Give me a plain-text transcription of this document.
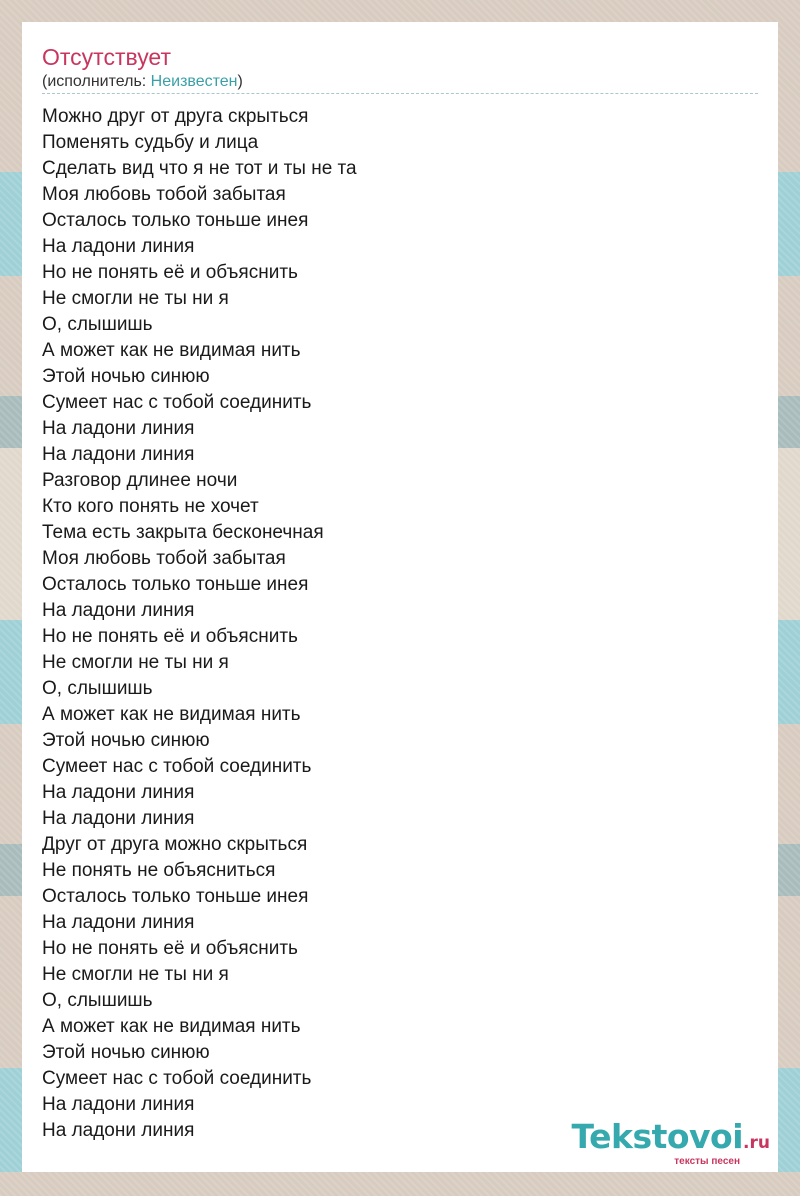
Отсутствует
(исполнитель: Неизвестен)
Можно друг от друга скрыться
Поменять судьбу и лица
Сделать вид что я не тот и ты не та
Моя любовь тобой забытая
Осталось только тоньше инея
На ладони линия
Но не понять её и объяснить
Не смогли не ты ни я
О, слышишь
А может как не видимая нить
Этой ночью синюю
Сумеет нас с тобой соединить
На ладони линия
На ладони линия
Разговор длинее ночи
Кто кого понять не хочет
Тема есть закрыта бесконечная
Моя любовь тобой забытая
Осталось только тоньше инея
На ладони линия
Но не понять её и объяснить
Не смогли не ты ни я
О, слышишь
А может как не видимая нить
Этой ночью синюю
Сумеет нас с тобой соединить
На ладони линия
На ладони линия
Друг от друга можно скрыться
Не понять не объясниться
Осталось только тоньше инея
На ладони линия
Но не понять её и объяснить
Не смогли не ты ни я
О, слышишь
А может как не видимая нить
Этой ночью синюю
Сумеет нас с тобой соединить
На ладони линия
На ладони линия	Tekstovoi.ru
тексты песен
